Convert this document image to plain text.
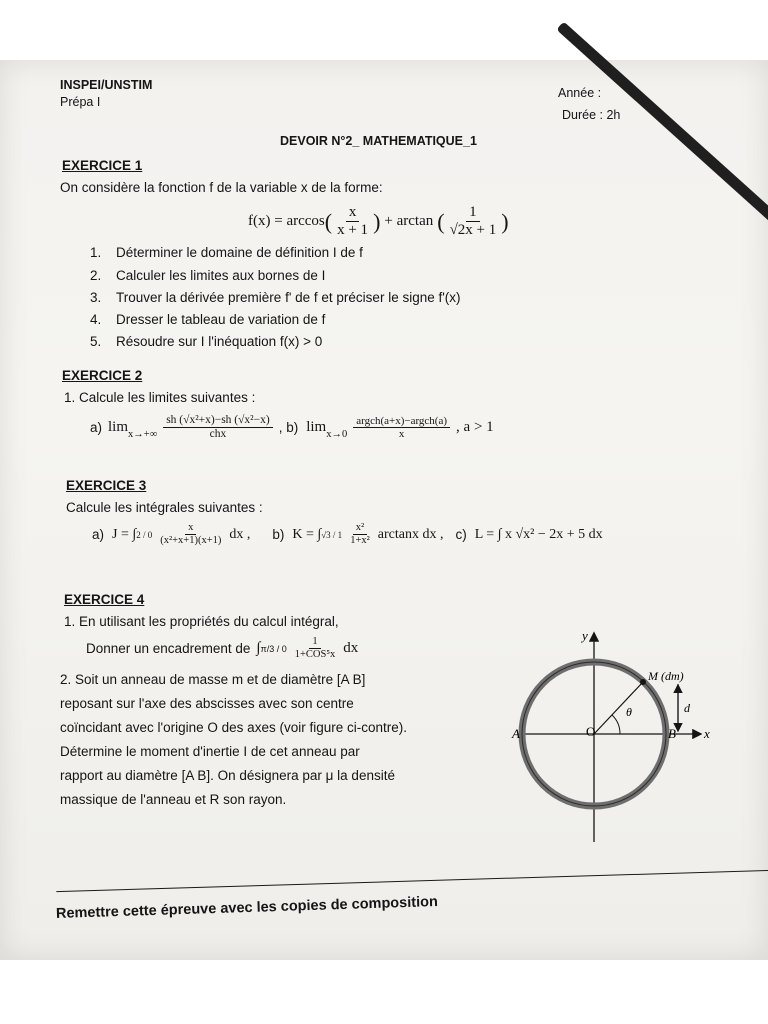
INSPEI/UNSTIM
Prépa I
Année :
Durée : 2h
DEVOIR N°2_ MATHEMATIQUE_1
EXERCICE 1
On considère la fonction f de la variable x de la forme:
f(x) = arccos ( $\frac{x}{x + 1}$ ) + arctan ( $\frac{1}{√2x + 1}$ )
1. Déterminer le domaine de définition I de f
2. Calculer les limites aux bornes de I
3. Trouver la dérivée première f' de f et préciser le signe f'(x)
4. Dresser le tableau de variation de f
5. Résoudre sur I l'inéquation f(x) > 0
EXERCICE 2
1. Calcule les limites suivantes :
a) $\lim x\to+\infty \frac{\text{sh (√x²+x)−sh (√x²−x)}}{\text{chx}}$ , b) $\lim x\to 0 \frac{\text{argch(a+x)−argch(a)}}{x}$ , a > 1
EXERCICE 3
Calcule les intégrales suivantes :
a) J = ∫ $2 / 0 \frac{x}{\text{(x²+x+1)(x+1)}}$ dx , b) K = ∫ $√3 / 1 \frac{\text{x²}}{\text{1+x²}}$ arctanx dx , c) L = ∫ x √x² − 2x + 5 dx
EXERCICE 4
1. En utilisant les propriétés du calcul intégral,
Donner un encadrement de ∫ $\pi/3 / 0 \frac{1}{\text{1+COS⁵x}}$ dx
2. Soit un anneau de masse m et de diamètre [A B]
reposant sur l'axe des abscisses avec son centre
coïncidant avec l'origine O des axes (voir figure ci-contre).
Détermine le moment d'inertie I de cet anneau par
rapport au diamètre [A B]. On désignera par μ la densité
massique de l'anneau et R son rayon.
y
x
O
A	B
M (dm)
θ	d
Remettre cette épreuve avec les copies de composition
